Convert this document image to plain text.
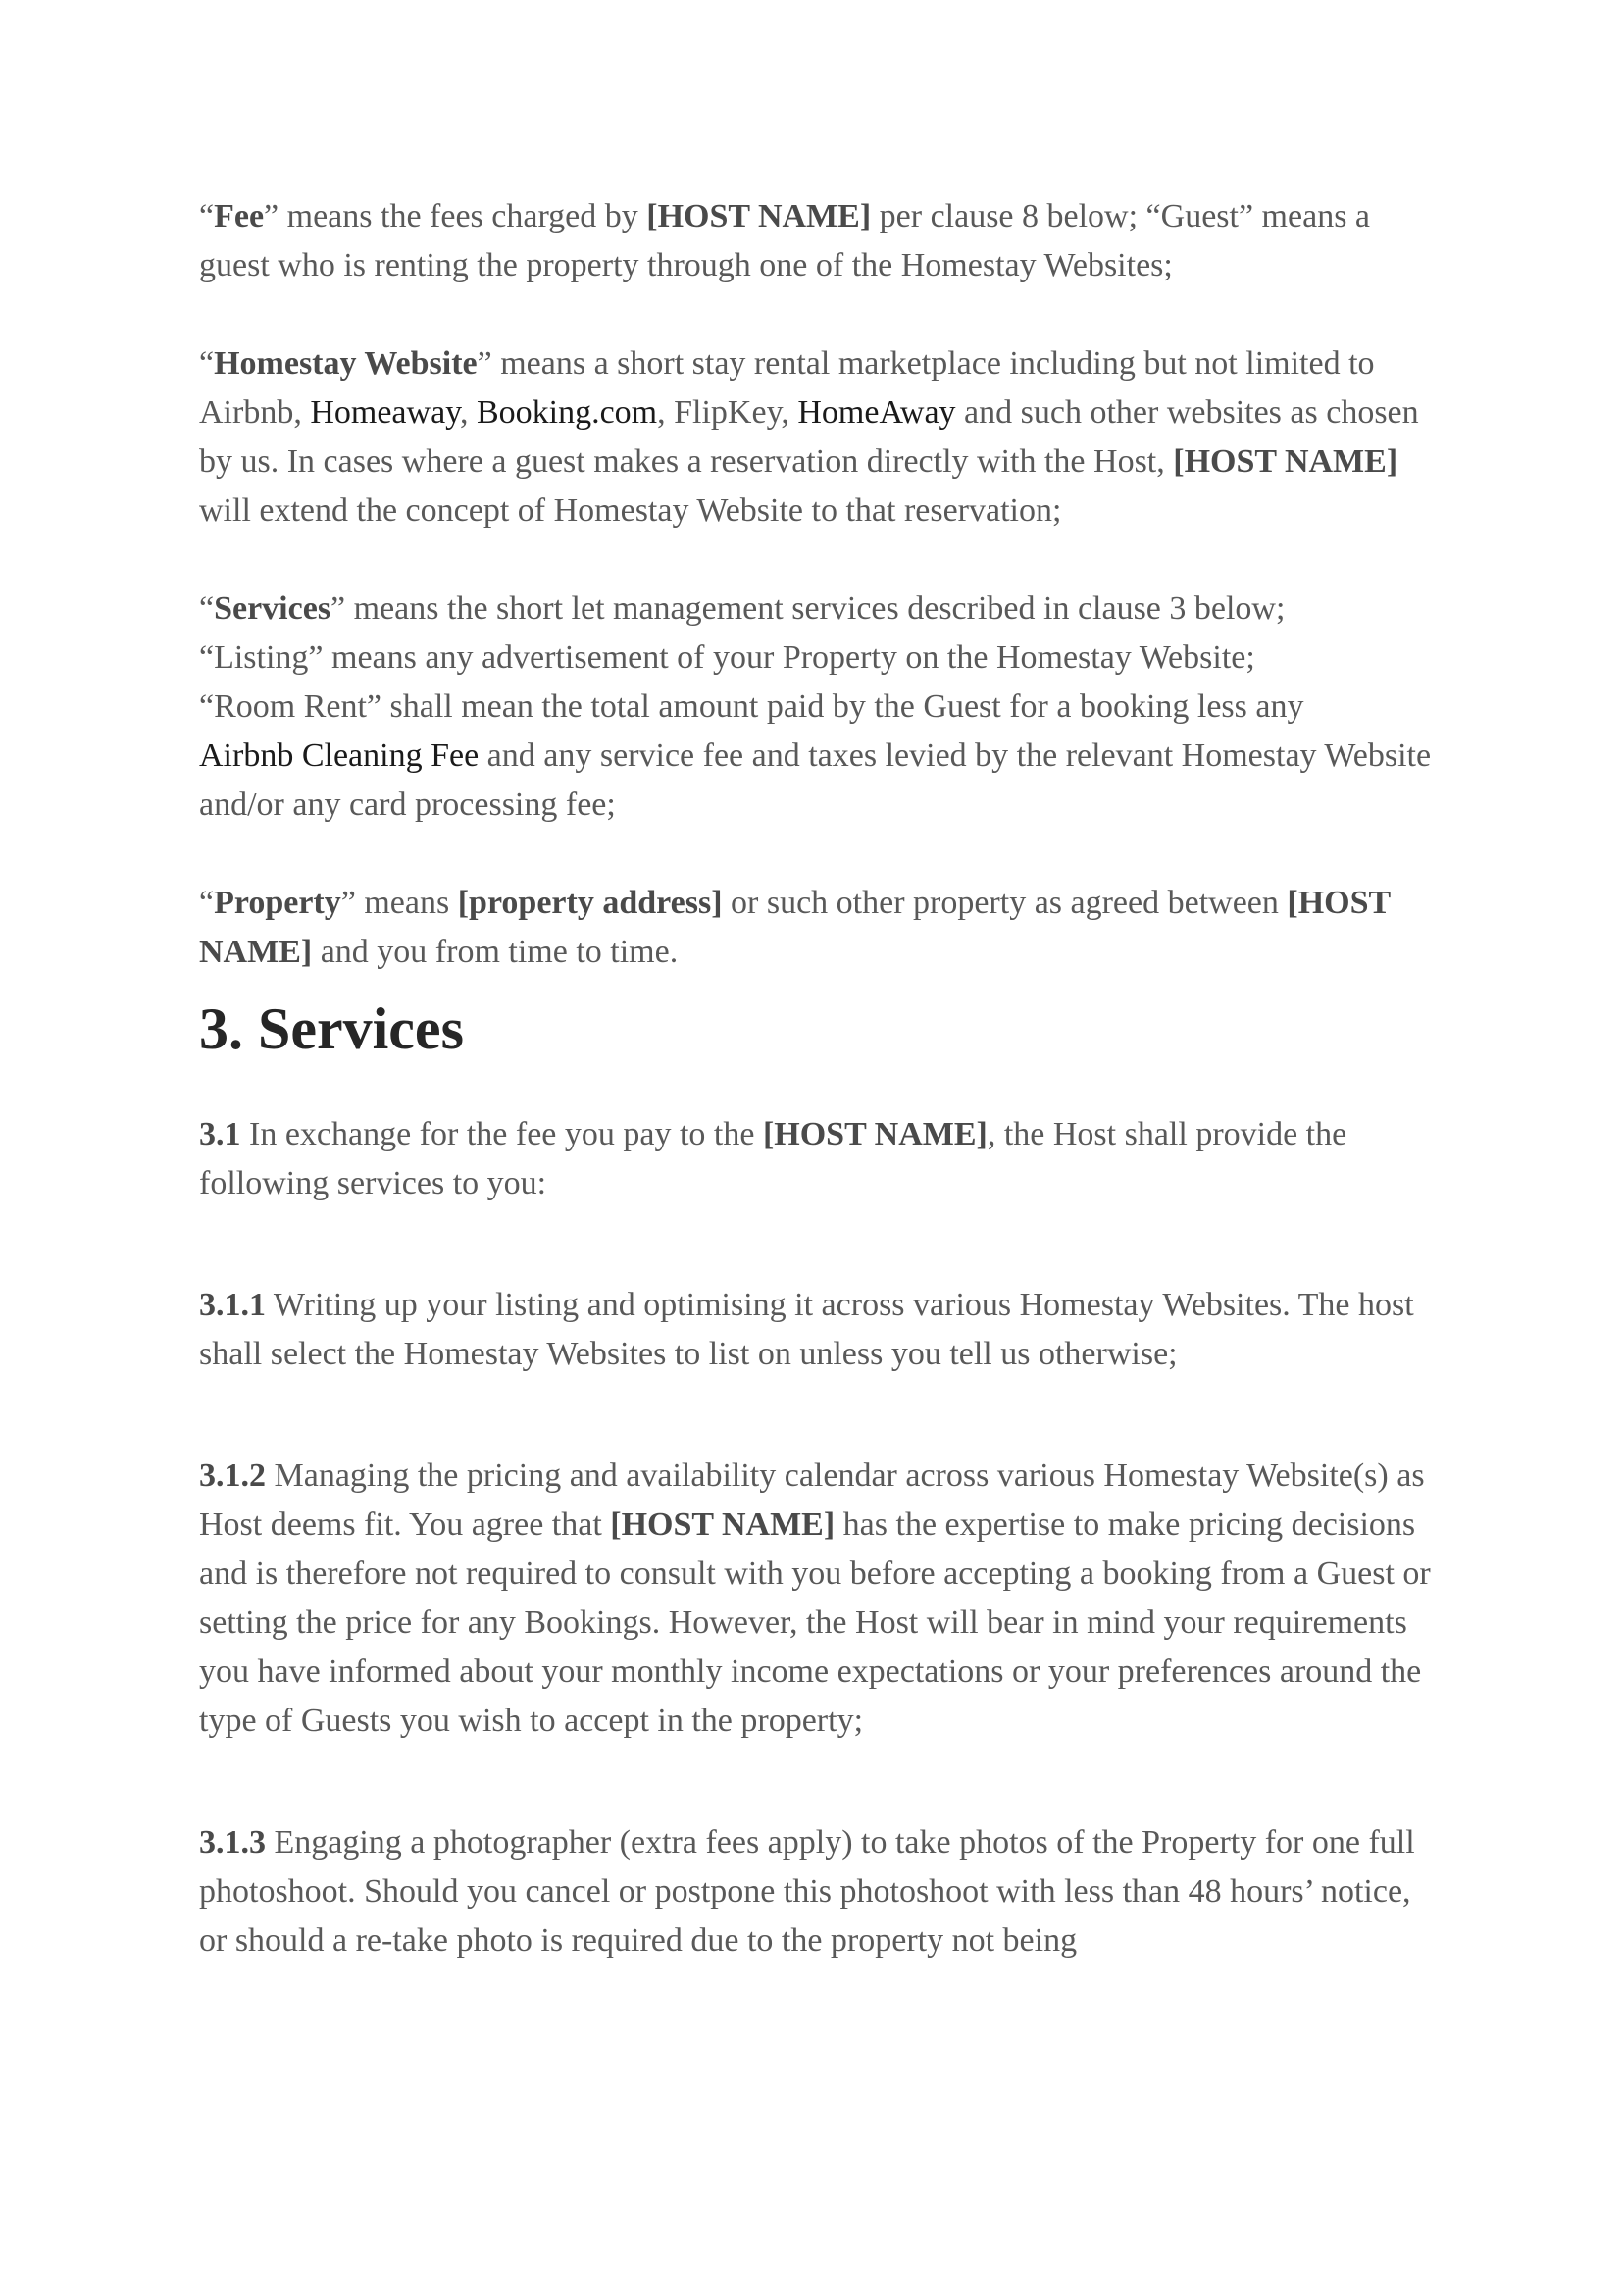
“Fee” means the fees charged by [HOST NAME] per clause 8 below; “Guest” means a guest who is renting the property through one of the Homestay Websites;

“Homestay Website” means a short stay rental marketplace including but not limited to Airbnb, Homeaway, Booking.com, FlipKey, HomeAway and such other websites as chosen by us. In cases where a guest makes a reservation directly with the Host, [HOST NAME] will extend the concept of Homestay Website to that reservation;

“Services” means the short let management services described in clause 3 below;
“Listing” means any advertisement of your Property on the Homestay Website;
“Room Rent” shall mean the total amount paid by the Guest for a booking less any
Airbnb Cleaning Fee and any service fee and taxes levied by the relevant Homestay Website and/or any card processing fee;

“Property” means [property address] or such other property as agreed between [HOST NAME] and you from time to time.

3. Services

3.1 In exchange for the fee you pay to the [HOST NAME], the Host shall provide the following services to you:

3.1.1 Writing up your listing and optimising it across various Homestay Websites. The host shall select the Homestay Websites to list on unless you tell us otherwise;

3.1.2 Managing the pricing and availability calendar across various Homestay Website(s) as Host deems fit. You agree that [HOST NAME] has the expertise to make pricing decisions and is therefore not required to consult with you before accepting a booking from a Guest or setting the price for any Bookings. However, the Host will bear in mind your requirements you have informed about your monthly income expectations or your preferences around the type of Guests you wish to accept in the property;

3.1.3 Engaging a photographer (extra fees apply) to take photos of the Property for one full photoshoot. Should you cancel or postpone this photoshoot with less than 48 hours’ notice, or should a re-take photo is required due to the property not being
